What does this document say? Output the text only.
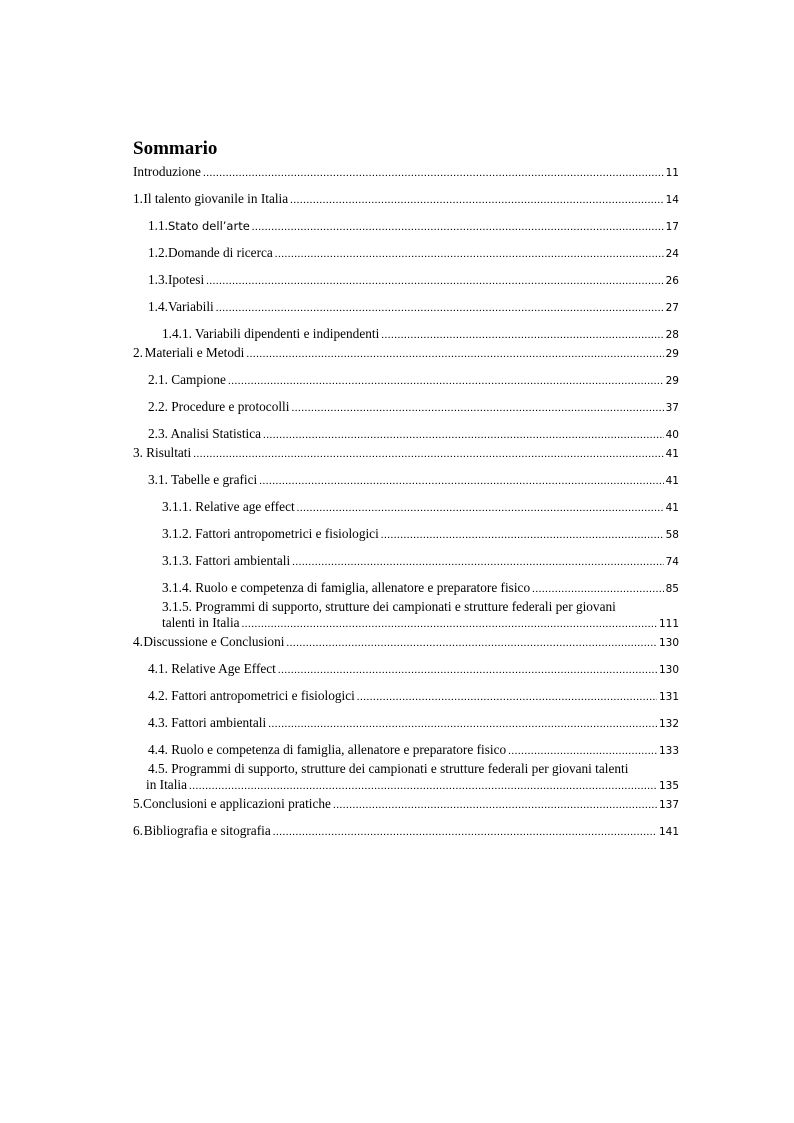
Sommario
Introduzione .....	11
1. Il talento giovanile in Italia .....	14
1.1. Stato dell’arte .....	17
1.2. Domande di ricerca .....	24
1.3. Ipotesi .....	26
1.4. Variabili .....	27
1.4.1. Variabili dipendenti e indipendenti .....	28
2. Materiali e Metodi .....	29
2.1. Campione .....	29
2.2. Procedure e protocolli .....	37
2.3. Analisi Statistica .....	40
3. Risultati .....	41
3.1. Tabelle e grafici .....	41
3.1.1. Relative age effect .....	41
3.1.2. Fattori antropometrici e fisiologici .....	58
3.1.3. Fattori ambientali .....	74
3.1.4. Ruolo e competenza di famiglia, allenatore e preparatore fisico .....	85
3.1.5. Programmi di supporto, strutture dei campionati e strutture federali per giovani
talenti in Italia .....	111
4. Discussione e Conclusioni .....	130
4.1. Relative Age Effect .....	130
4.2. Fattori antropometrici e fisiologici .....	131
4.3. Fattori ambientali .....	132
4.4. Ruolo e competenza di famiglia, allenatore e preparatore fisico .....	133
4.5. Programmi di supporto, strutture dei campionati e strutture federali per giovani talenti
in Italia .....	135
5. Conclusioni e applicazioni pratiche .....	137
6. Bibliografia e sitografia .....	141
